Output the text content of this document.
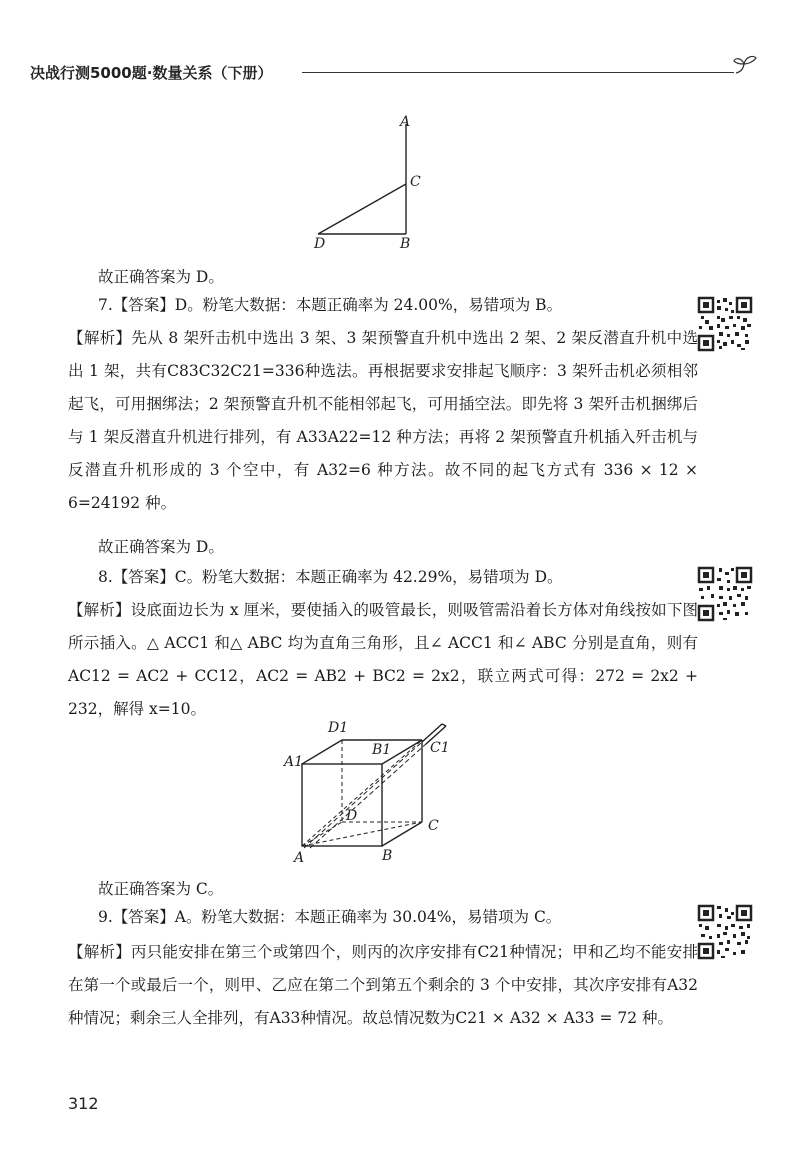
决战行测5000题·数量关系（下册）
A
C
D	B

故正确答案为 D。

7.【答案】D。粉笔大数据：本题正确率为 24.00%，易错项为 B。

【解析】先从 8 架歼击机中选出 3 架、3 架预警直升机中选出 2 架、2 架反潜直升机中选出 1 架，共有C83C32C21=336种选法。再根据要求安排起飞顺序：3 架歼击机必须相邻起飞，可用捆绑法；2 架预警直升机不能相邻起飞，可用插空法。即先将 3 架歼击机捆绑后与 1 架反潜直升机进行排列，有 A33A22=12 种方法；再将 2 架预警直升机插入歼击机与反潜直升机形成的 3 个空中，有 A32=6 种方法。故不同的起飞方式有 336 × 12 × 6=24192 种。

故正确答案为 D。

8.【答案】C。粉笔大数据：本题正确率为 42.29%，易错项为 D。

【解析】设底面边长为 x 厘米，要使插入的吸管最长，则吸管需沿着长方体对角线按如下图所示插入。△ ACC1 和△ ABC 均为直角三角形，且∠ ACC1 和∠ ABC 分别是直角，则有AC12 = AC2 + CC12，AC2 = AB2 + BC2 = 2x2，联立两式可得：272 = 2x2 + 232，解得 x=10。

D1
B1	C1
A1
D
C
A	B

故正确答案为 C。

9.【答案】A。粉笔大数据：本题正确率为 30.04%，易错项为 C。

【解析】丙只能安排在第三个或第四个，则丙的次序安排有C21种情况；甲和乙均不能安排在第一个或最后一个，则甲、乙应在第二个到第五个剩余的 3 个中安排，其次序安排有A32种情况；剩余三人全排列，有A33种情况。故总情况数为C21 × A32 × A33 = 72 种。

312
